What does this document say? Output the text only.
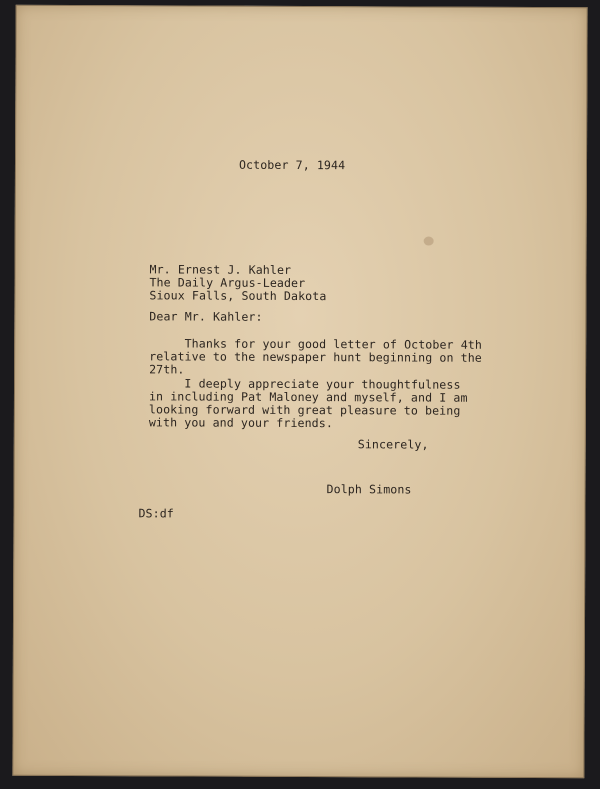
October 7, 1944

Mr. Ernest J. Kahler

The Daily Argus-Leader

Sioux Falls, South Dakota

Dear Mr. Kahler:

Thanks for your good letter of October 4th

relative to the newspaper hunt beginning on the

27th.

I deeply appreciate your thoughtfulness

in including Pat Maloney and myself, and I am

looking forward with great pleasure to being

with you and your friends.

Sincerely,

Dolph Simons

DS:df
